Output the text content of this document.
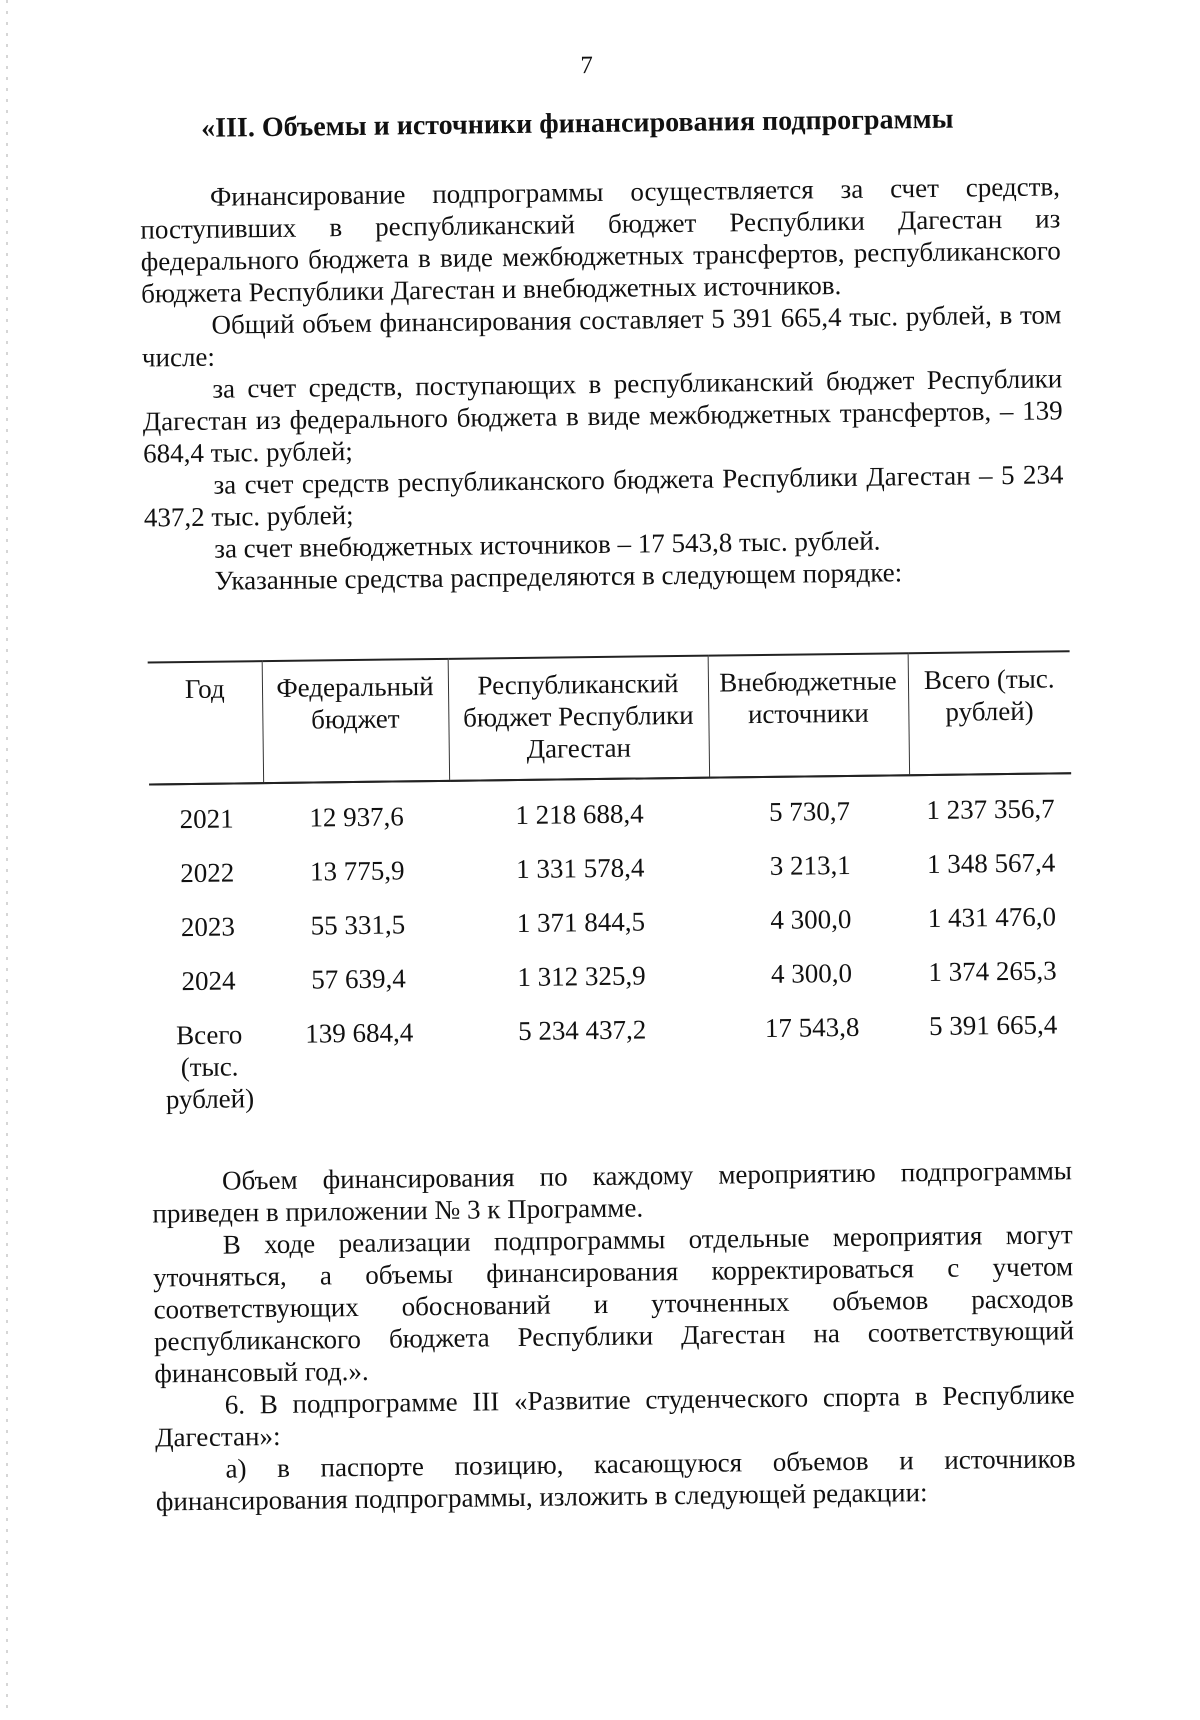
7
«III. Объемы и источники финансирования подпрограммы

Финансирование подпрограммы осуществляется за счет средств, поступивших в республиканский бюджет Республики Дагестан из федерального бюджета в виде межбюджетных трансфертов, республиканского бюджета Республики Дагестан и внебюджетных источников.

Общий объем финансирования составляет 5 391 665,4 тыс. рублей, в том числе:

за счет средств, поступающих в республиканский бюджет Республики Дагестан из федерального бюджета в виде межбюджетных трансфертов, – 139 684,4 тыс. рублей;

за счет средств республиканского бюджета Республики Дагестан – 5 234 437,2 тыс. рублей;

за счет внебюджетных источников – 17 543,8 тыс. рублей.

Указанные средства распределяются в следующем порядке:

Год	Федеральный бюджет	Республиканский бюджет Республики Дагестан	Внебюджетные источники	Всего (тыс. рублей)
2021	12 937,6	1 218 688,4	5 730,7	1 237 356,7
2022	13 775,9	1 331 578,4	3 213,1	1 348 567,4
2023	55 331,5	1 371 844,5	4 300,0	1 431 476,0
2024	57 639,4	1 312 325,9	4 300,0	1 374 265,3
Всего (тыс. рублей)	139 684,4	5 234 437,2	17 543,8	5 391 665,4

Объем финансирования по каждому мероприятию подпрограммы приведен в приложении № 3 к Программе.

В ходе реализации подпрограммы отдельные мероприятия могут уточняться, а объемы финансирования корректироваться с учетом соответствующих обоснований и уточненных объемов расходов республиканского бюджета Республики Дагестан на соответствующий финансовый год.».

6. В подпрограмме III «Развитие студенческого спорта в Республике Дагестан»:

а) в паспорте позицию, касающуюся объемов и источников финансирования подпрограммы, изложить в следующей редакции:
